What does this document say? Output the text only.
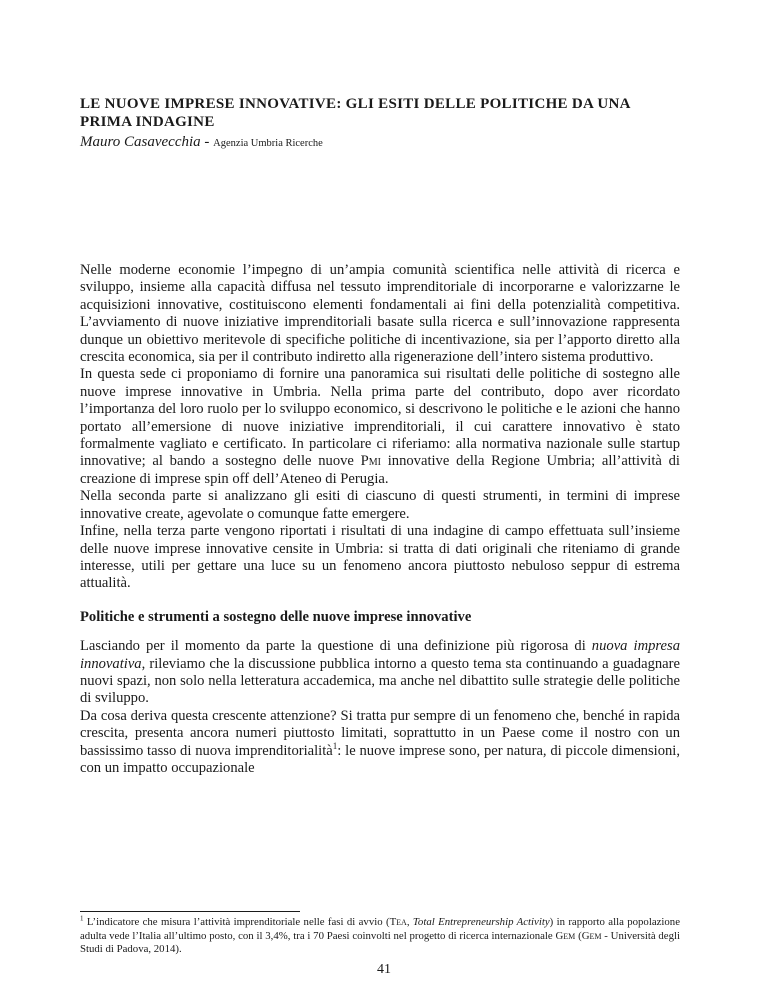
LE NUOVE IMPRESE INNOVATIVE: GLI ESITI DELLE POLITICHE DA UNA PRIMA INDAGINE
Mauro Casavecchia - Agenzia Umbria Ricerche

Nelle moderne economie l’impegno di un’ampia comunità scientifica nelle attività di ricerca e sviluppo, insieme alla capacità diffusa nel tessuto imprenditoriale di incorporarne e valorizzarne le acquisizioni innovative, costituiscono elementi fondamentali ai fini della potenzialità competitiva. L’avviamento di nuove iniziative imprenditoriali basate sulla ricerca e sull’innovazione rappresenta dunque un obiettivo meritevole di specifiche politiche di incentivazione, sia per l’apporto diretto alla crescita economica, sia per il contributo indiretto alla rigenerazione dell’intero sistema produttivo.

In questa sede ci proponiamo di fornire una panoramica sui risultati delle politiche di sostegno alle nuove imprese innovative in Umbria. Nella prima parte del contributo, dopo aver ricordato l’importanza del loro ruolo per lo sviluppo economico, si descrivono le politiche e le azioni che hanno portato all’emersione di nuove iniziative imprenditoriali, il cui carattere innovativo è stato formalmente vagliato e certificato. In particolare ci riferiamo: alla normativa nazionale sulle startup innovative; al bando a sostegno delle nuove Pmi innovative della Regione Umbria; all’attività di creazione di imprese spin off dell’Ateneo di Perugia.

Nella seconda parte si analizzano gli esiti di ciascuno di questi strumenti, in termini di imprese innovative create, agevolate o comunque fatte emergere.

Infine, nella terza parte vengono riportati i risultati di una indagine di campo effettuata sull’insieme delle nuove imprese innovative censite in Umbria: si tratta di dati originali che riteniamo di grande interesse, utili per gettare una luce su un fenomeno ancora piuttosto nebuloso seppur di estrema attualità.

Politiche e strumenti a sostegno delle nuove imprese innovative

Lasciando per il momento da parte la questione di una definizione più rigorosa di nuova impresa innovativa, rileviamo che la discussione pubblica intorno a questo tema sta continuando a guadagnare nuovi spazi, non solo nella letteratura accademica, ma anche nel dibattito sulle strategie delle politiche di sviluppo.

Da cosa deriva questa crescente attenzione? Si tratta pur sempre di un fenomeno che, benché in rapida crescita, presenta ancora numeri piuttosto limitati, soprattutto in un Paese come il nostro con un bassissimo tasso di nuova imprenditorialità$^1$: le nuove imprese sono, per natura, di piccole dimensioni, con un impatto occupazionale

$^1$ L’indicatore che misura l’attività imprenditoriale nelle fasi di avvio (Tea, Total Entrepreneurship Activity) in rapporto alla popolazione adulta vede l’Italia all’ultimo posto, con il 3,4%, tra i 70 Paesi coinvolti nel progetto di ricerca internazionale Gem (Gem - Università degli Studi di Padova, 2014).
41
